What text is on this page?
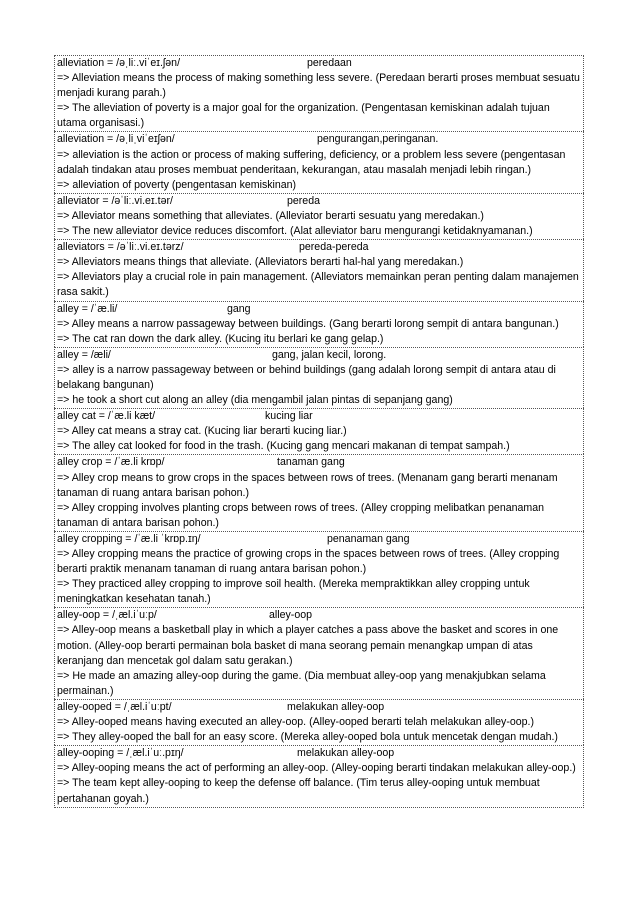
alleviation = /əˌliː.viˈeɪ.ʃən/	peredaan
=> Alleviation means the process of making something less severe. (Peredaan berarti proses membuat sesuatu menjadi kurang parah.)
=> The alleviation of poverty is a major goal for the organization. (Pengentasan kemiskinan adalah tujuan utama organisasi.)
alleviation = /əˌliˌviˈeɪʃən/	pengurangan,peringanan.
=> alleviation is the action or process of making suffering, deficiency, or a problem less severe (pengentasan adalah tindakan atau proses membuat penderitaan, kekurangan, atau masalah menjadi lebih ringan.)
=> alleviation of poverty (pengentasan kemiskinan)
alleviator = /əˈliː.vi.eɪ.tər/	pereda
=> Alleviator means something that alleviates. (Alleviator berarti sesuatu yang meredakan.)
=> The new alleviator device reduces discomfort. (Alat alleviator baru mengurangi ketidaknyamanan.)
alleviators = /əˈliː.vi.eɪ.tərz/	pereda-pereda
=> Alleviators means things that alleviate. (Alleviators berarti hal-hal yang meredakan.)
=> Alleviators play a crucial role in pain management. (Alleviators memainkan peran penting dalam manajemen rasa sakit.)
alley = /ˈæ.li/	gang
=> Alley means a narrow passageway between buildings. (Gang berarti lorong sempit di antara bangunan.)
=> The cat ran down the dark alley. (Kucing itu berlari ke gang gelap.)
alley = /æli/	gang, jalan kecil, lorong.
=> alley is a narrow passageway between or behind buildings (gang adalah lorong sempit di antara atau di belakang bangunan)
=> he took a short cut along an alley (dia mengambil jalan pintas di sepanjang gang)
alley cat = /ˈæ.li kæt/	kucing liar
=> Alley cat means a stray cat. (Kucing liar berarti kucing liar.)
=> The alley cat looked for food in the trash. (Kucing gang mencari makanan di tempat sampah.)
alley crop = /ˈæ.li krɒp/	tanaman gang
=> Alley crop means to grow crops in the spaces between rows of trees. (Menanam gang berarti menanam tanaman di ruang antara barisan pohon.)
=> Alley cropping involves planting crops between rows of trees. (Alley cropping melibatkan penanaman tanaman di antara barisan pohon.)
alley cropping = /ˈæ.li ˈkrɒp.ɪŋ/	penanaman gang
=> Alley cropping means the practice of growing crops in the spaces between rows of trees. (Alley cropping berarti praktik menanam tanaman di ruang antara barisan pohon.)
=> They practiced alley cropping to improve soil health. (Mereka mempraktikkan alley cropping untuk meningkatkan kesehatan tanah.)
alley-oop = /ˌæl.iˈuːp/	alley-oop
=> Alley-oop means a basketball play in which a player catches a pass above the basket and scores in one motion. (Alley-oop berarti permainan bola basket di mana seorang pemain menangkap umpan di atas keranjang dan mencetak gol dalam satu gerakan.)
=> He made an amazing alley-oop during the game. (Dia membuat alley-oop yang menakjubkan selama permainan.)
alley-ooped = /ˌæl.iˈuːpt/	melakukan alley-oop
=> Alley-ooped means having executed an alley-oop. (Alley-ooped berarti telah melakukan alley-oop.)
=> They alley-ooped the ball for an easy score. (Mereka alley-ooped bola untuk mencetak dengan mudah.)
alley-ooping = /ˌæl.iˈuː.pɪŋ/	melakukan alley-oop
=> Alley-ooping means the act of performing an alley-oop. (Alley-ooping berarti tindakan melakukan alley-oop.)
=> The team kept alley-ooping to keep the defense off balance. (Tim terus alley-ooping untuk membuat pertahanan goyah.)
